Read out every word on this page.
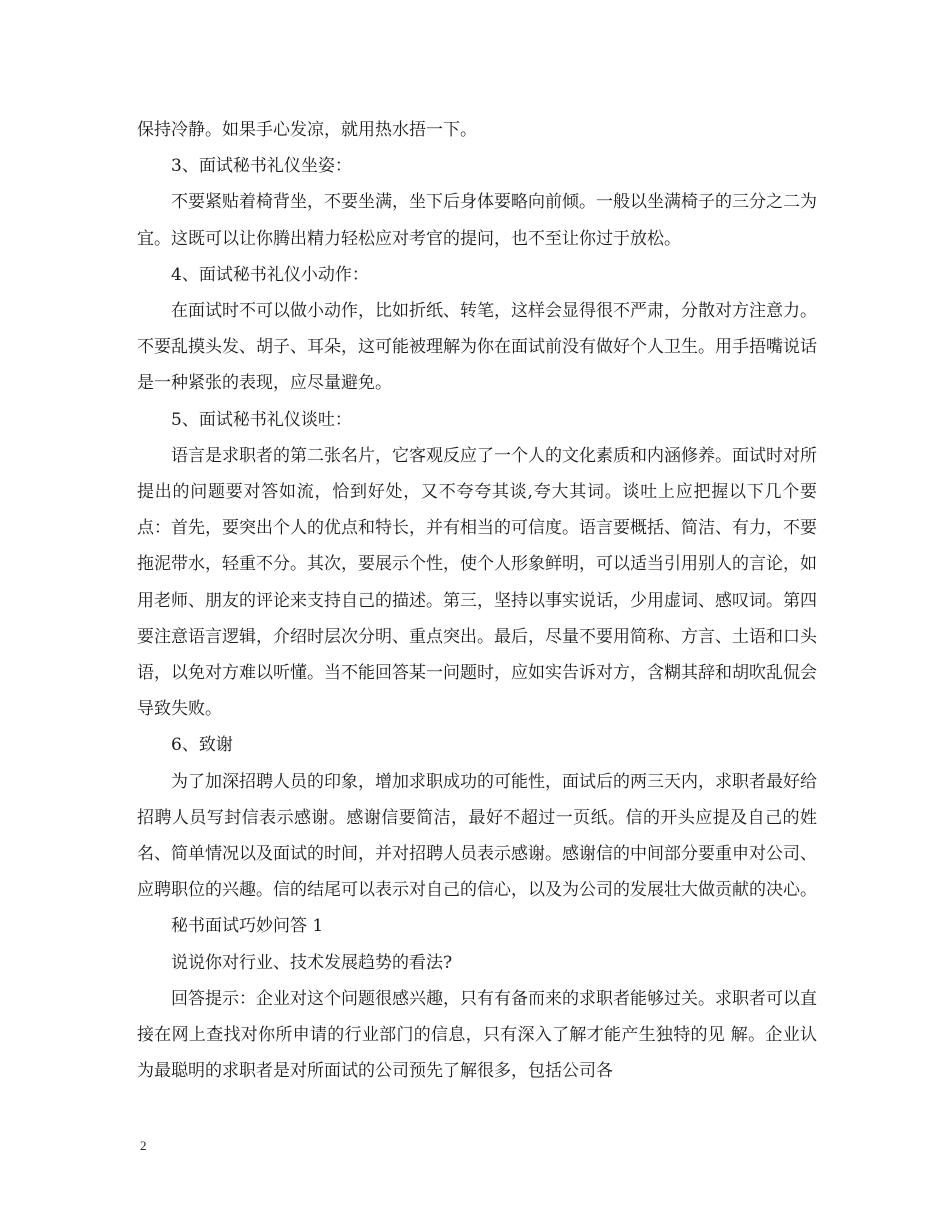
保持冷静。如果手心发凉，就用热水捂一下。

3、面试秘书礼仪坐姿：

不要紧贴着椅背坐，不要坐满，坐下后身体要略向前倾。一般以坐满椅子的三分之二为宜。这既可以让你腾出精力轻松应对考官的提问，也不至让你过于放松。

4、面试秘书礼仪小动作：

在面试时不可以做小动作，比如折纸、转笔，这样会显得很不严肃，分散对方注意力。不要乱摸头发、胡子、耳朵，这可能被理解为你在面试前没有做好个人卫生。用手捂嘴说话是一种紧张的表现，应尽量避免。

5、面试秘书礼仪谈吐：

语言是求职者的第二张名片，它客观反应了一个人的文化素质和内涵修养。面试时对所提出的问题要对答如流，恰到好处，又不夸夸其谈,夸大其词。谈吐上应把握以下几个要点：首先，要突出个人的优点和特长，并有相当的可信度。语言要概括、简洁、有力，不要拖泥带水，轻重不分。其次，要展示个性，使个人形象鲜明，可以适当引用别人的言论，如用老师、朋友的评论来支持自己的描述。第三，坚持以事实说话，少用虚词、感叹词。第四要注意语言逻辑，介绍时层次分明、重点突出。最后，尽量不要用简称、方言、土语和口头语，以免对方难以听懂。当不能回答某一问题时，应如实告诉对方，含糊其辞和胡吹乱侃会导致失败。

6、致谢

为了加深招聘人员的印象，增加求职成功的可能性，面试后的两三天内，求职者最好给招聘人员写封信表示感谢。感谢信要简洁，最好不超过一页纸。信的开头应提及自己的姓名、简单情况以及面试的时间，并对招聘人员表示感谢。感谢信的中间部分要重申对公司、应聘职位的兴趣。信的结尾可以表示对自己的信心，以及为公司的发展壮大做贡献的决心。

秘书面试巧妙问答 1

说说你对行业、技术发展趋势的看法?

回答提示：企业对这个问题很感兴趣，只有有备而来的求职者能够过关。求职者可以直接在网上查找对你所申请的行业部门的信息，只有深入了解才能产生独特的见 解。企业认为最聪明的求职者是对所面试的公司预先了解很多，包括公司各

2
